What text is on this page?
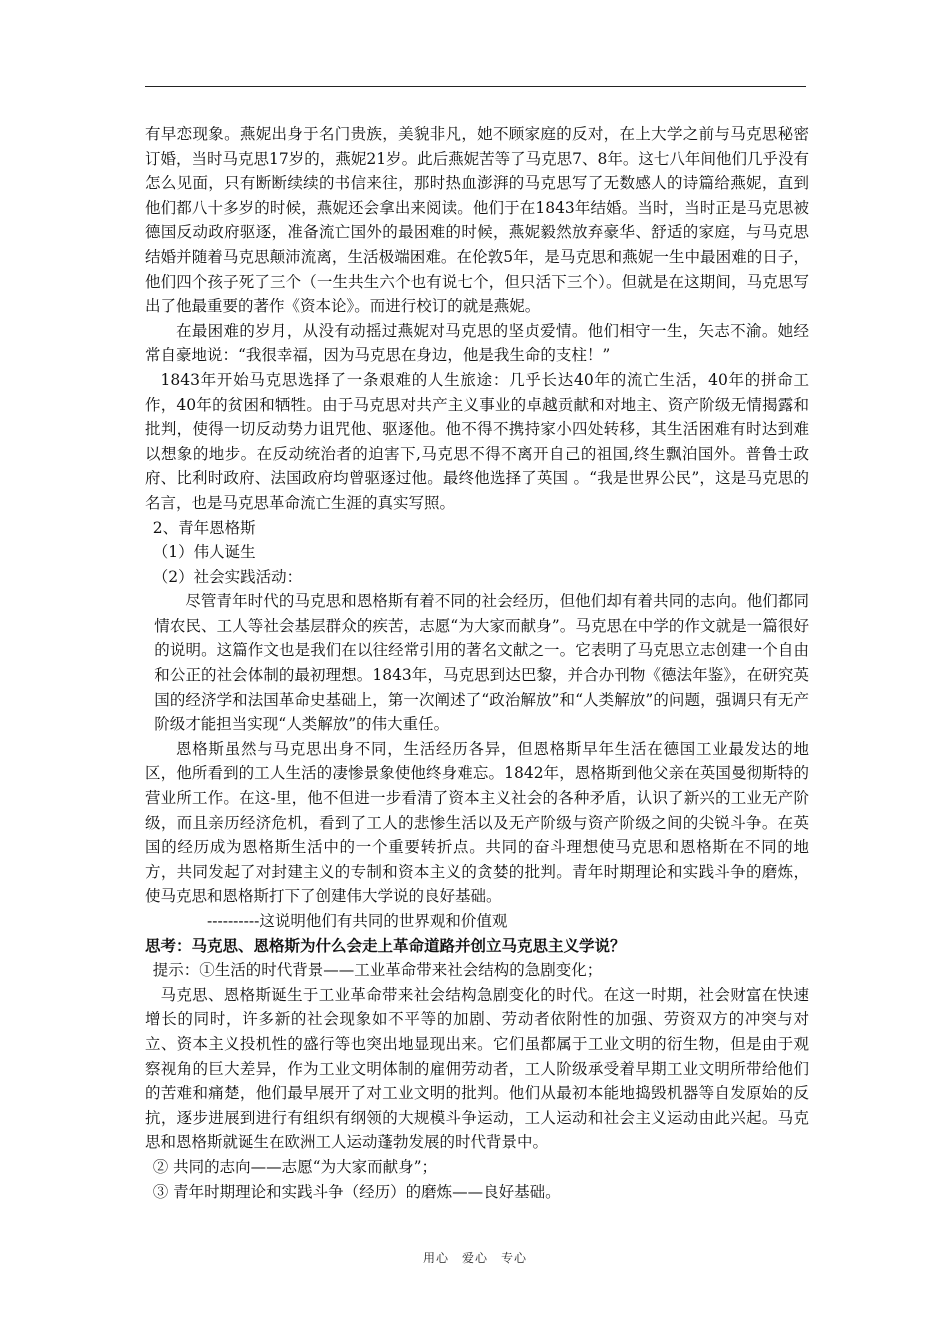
有早恋现象。燕妮出身于名门贵族，美貌非凡，她不顾家庭的反对，在上大学之前与马克思秘密订婚，当时马克思17岁的，燕妮21岁。此后燕妮苦等了马克思7、8年。这七八年间他们几乎没有怎么见面，只有断断续续的书信来往，那时热血澎湃的马克思写了无数感人的诗篇给燕妮，直到他们都八十多岁的时候，燕妮还会拿出来阅读。他们于在1843年结婚。当时，当时正是马克思被德国反动政府驱逐，准备流亡国外的最困难的时候，燕妮毅然放弃豪华、舒适的家庭，与马克思结婚并随着马克思颠沛流离，生活极端困难。在伦敦5年，是马克思和燕妮一生中最困难的日子，他们四个孩子死了三个（一生共生六个也有说七个，但只活下三个）。但就是在这期间，马克思写出了他最重要的著作《资本论》。而进行校订的就是燕妮。

在最困难的岁月，从没有动摇过燕妮对马克思的坚贞爱情。他们相守一生，矢志不渝。她经常自豪地说：“我很幸福，因为马克思在身边，他是我生命的支柱！”

1843年开始马克思选择了一条艰难的人生旅途：几乎长达40年的流亡生活，40年的拼命工作，40年的贫困和牺牲。由于马克思对共产主义事业的卓越贡献和对地主、资产阶级无情揭露和批判，使得一切反动势力诅咒他、驱逐他。他不得不携持家小四处转移，其生活困难有时达到难以想象的地步。在反动统治者的迫害下,马克思不得不离开自己的祖国,终生飘泊国外。普鲁士政府、比利时政府、法国政府均曾驱逐过他。最终他选择了英国 。“我是世界公民”，这是马克思的名言，也是马克思革命流亡生涯的真实写照。

2、青年恩格斯

（1）伟人诞生

（2）社会实践活动：

尽管青年时代的马克思和恩格斯有着不同的社会经历，但他们却有着共同的志向。他们都同情农民、工人等社会基层群众的疾苦，志愿“为大家而献身”。马克思在中学的作文就是一篇很好的说明。这篇作文也是我们在以往经常引用的著名文献之一。它表明了马克思立志创建一个自由和公正的社会体制的最初理想。1843年，马克思到达巴黎，并合办刊物《德法年鉴》，在研究英国的经济学和法国革命史基础上，第一次阐述了“政治解放”和“人类解放”的问题，强调只有无产阶级才能担当实现“人类解放”的伟大重任。

恩格斯虽然与马克思出身不同，生活经历各异，但恩格斯早年生活在德国工业最发达的地区，他所看到的工人生活的凄惨景象使他终身难忘。1842年，恩格斯到他父亲在英国曼彻斯特的营业所工作。在这-里，他不但进一步看清了资本主义社会的各种矛盾，认识了新兴的工业无产阶级，而且亲历经济危机，看到了工人的悲惨生活以及无产阶级与资产阶级之间的尖锐斗争。在英国的经历成为恩格斯生活中的一个重要转折点。共同的奋斗理想使马克思和恩格斯在不同的地方，共同发起了对封建主义的专制和资本主义的贪婪的批判。青年时期理论和实践斗争的磨炼，使马克思和恩格斯打下了创建伟大学说的良好基础。

----------这说明他们有共同的世界观和价值观

思考：马克思、恩格斯为什么会走上革命道路并创立马克思主义学说？

提示：①生活的时代背景——工业革命带来社会结构的急剧变化；

马克思、恩格斯诞生于工业革命带来社会结构急剧变化的时代。在这一时期，社会财富在快速增长的同时，许多新的社会现象如不平等的加剧、劳动者依附性的加强、劳资双方的冲突与对立、资本主义投机性的盛行等也突出地显现出来。它们虽都属于工业文明的衍生物，但是由于观察视角的巨大差异，作为工业文明体制的雇佣劳动者，工人阶级承受着早期工业文明所带给他们的苦难和痛楚，他们最早展开了对工业文明的批判。他们从最初本能地捣毁机器等自发原始的反抗，逐步进展到进行有组织有纲领的大规模斗争运动，工人运动和社会主义运动由此兴起。马克思和恩格斯就诞生在欧洲工人运动蓬勃发展的时代背景中。

② 共同的志向——志愿“为大家而献身”；

③ 青年时期理论和实践斗争（经历）的磨炼——良好基础。

用心　爱心　专心
